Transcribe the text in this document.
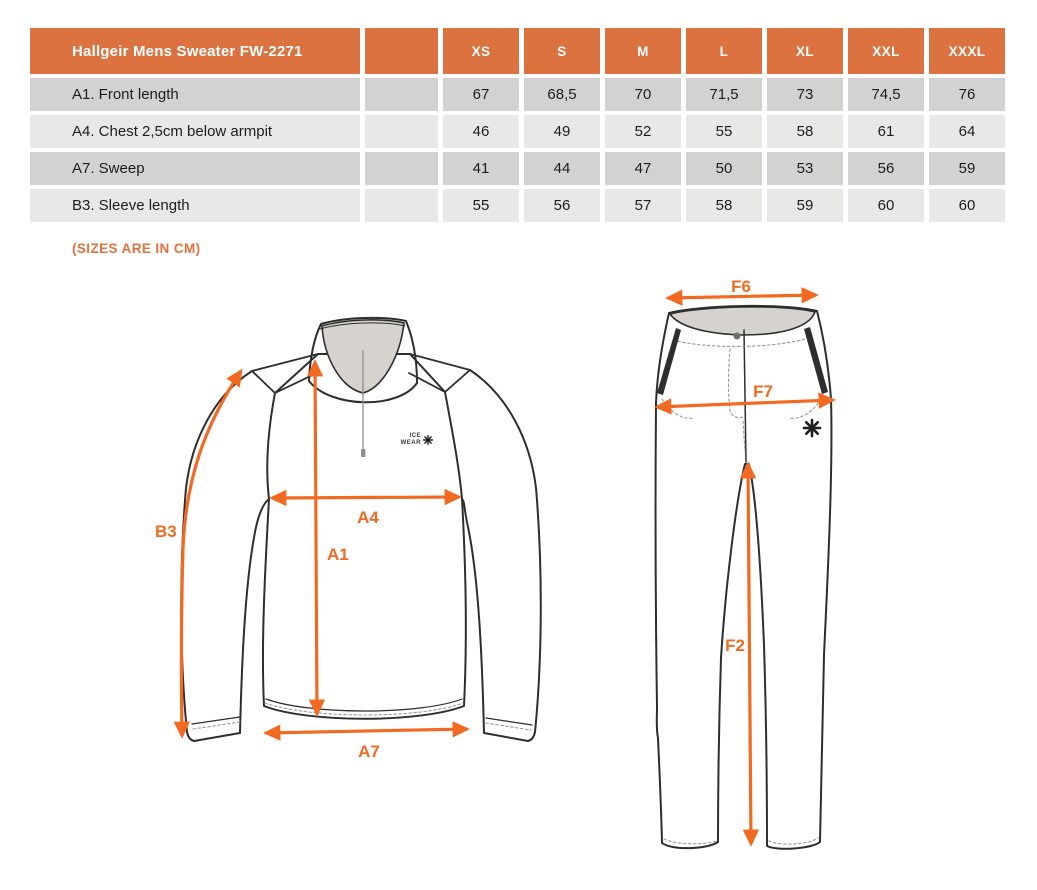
Hallgeir Mens Sweater FW-2271	XS	S	M	L	XL	XXL	XXXL
A1. Front length	67	68,5	70	71,5	73	74,5	76
A4. Chest 2,5cm below armpit	46	49	52	55	58	61	64
A7. Sweep	41	44	47	50	53	56	59
B3. Sleeve length	55	56	57	58	59	60	60
(SIZES ARE IN CM)
ICE
WEAR
B3
A4
A1
A7
F6
F7
F2
